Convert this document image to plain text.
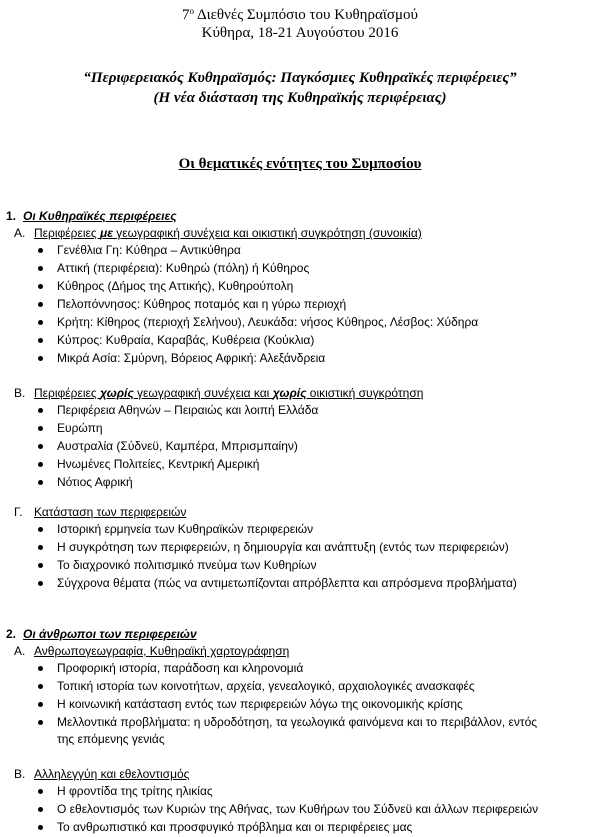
$7^o$ Διεθνές Συμπόσιο του Κυθηραϊσμού
Κύθηρα, 18-21 Αυγούστου 2016
“Περιφερειακός Κυθηραϊσμός: Παγκόσμιες Κυθηραϊκές περιφέρειες”
(Η νέα διάσταση της Κυθηραϊκής περιφέρειας)
Οι θεματικές ενότητες του Συμποσίου
1. Οι Κυθηραϊκές περιφέρειες
Α. Περιφέρειες με γεωγραφική συνέχεια και οικιστική συγκρότηση (συνοικία)
Γενέθλια Γη: Κύθηρα – Αντικύθηρα
Αττική (περιφέρεια): Κυθηρώ (πόλη) ή Κύθηρος
Κύθηρος (Δήμος της Αττικής), Κυθηρούπολη
Πελοπόννησος: Κύθηρος ποταμός και η γύρω περιοχή
Κρήτη: Κίθηρος (περιοχή Σελήνου), Λευκάδα: νήσος Κύθηρος, Λέσβος: Χύδηρα
Κύπρος: Κυθραία, Καραβάς, Κυθέρεια (Κούκλια)
Μικρά Ασία: Σμύρνη, Βόρειος Αφρική: Αλεξάνδρεια
Β. Περιφέρειες χωρίς γεωγραφική συνέχεια και χωρίς οικιστική συγκρότηση
Περιφέρεια Αθηνών – Πειραιώς και λοιπή Ελλάδα
Ευρώπη
Αυστραλία (Σύδνεϋ, Καμπέρα, Μπρισμπαίην)
Ηνωμένες Πολιτείες, Κεντρική Αμερική
Νότιος Αφρική
Γ. Κατάσταση των περιφερειών
Ιστορική ερμηνεία των Κυθηραϊκών περιφερειών
Η συγκρότηση των περιφερειών, η δημιουργία και ανάπτυξη (εντός των περιφερειών)
Το διαχρονικό πολιτισμικό πνεύμα των Κυθηρίων
Σύγχρονα θέματα (πώς να αντιμετωπίζονται απρόβλεπτα και απρόσμενα προβλήματα)
2. Οι άνθρωποι των περιφερειών
Α. Ανθρωπογεωγραφία, Κυθηραϊκή χαρτογράφηση
Προφορική ιστορία, παράδοση και κληρονομιά
Τοπική ιστορία των κοινοτήτων, αρχεία, γενεαλογικό, αρχαιολογικές ανασκαφές
Η κοινωνική κατάσταση εντός των περιφερειών λόγω της οικονομικής κρίσης
Μελλοντικά προβλήματα: η υδροδότηση, τα γεωλογικά φαινόμενα και το περιβάλλον, εντός
της επόμενης γενιάς
Β. Αλληλεγγύη και εθελοντισμός
Η φροντίδα της τρίτης ηλικίας
Ο εθελοντισμός των Κυριών της Αθήνας, των Κυθήρων του Σύδνεϋ και άλλων περιφερειών
Το ανθρωπιστικό και προσφυγικό πρόβλημα και οι περιφέρειες μας
